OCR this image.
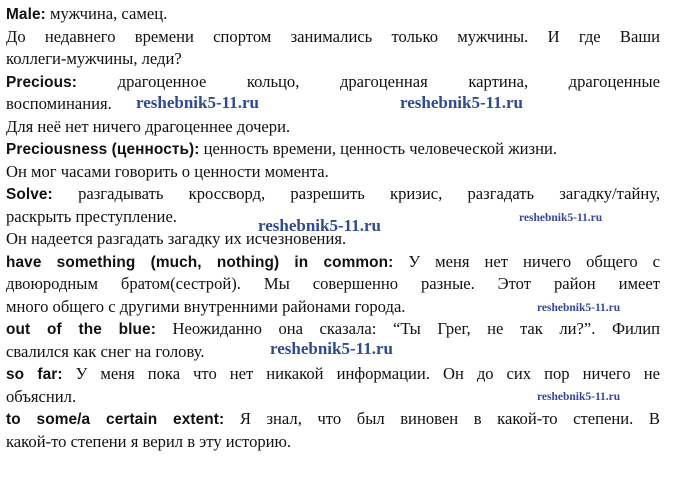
Male: мужчина, самец.
До недавнего времени спортом занимались только мужчины. И где Ваши
коллеги-мужчины, леди?
Precious: драгоценное кольцо, драгоценная картина, драгоценные
воспоминания.
Для неё нет ничего драгоценнее дочери.
Preciousness (ценность): ценность времени, ценность человеческой жизни.
Он мог часами говорить о ценности момента.
Solve: разгадывать кроссворд, разрешить кризис, разгадать загадку/тайну,
раскрыть преступление.
Он надеется разгадать загадку их исчезновения.
have something (much, nothing) in common: У меня нет ничего общего с
двоюродным братом(сестрой). Мы совершенно разные. Этот район имеет
много общего с другими внутренними районами города.
out of the blue: Неожиданно она сказала: “Ты Грег, не так ли?”. Филип
свалился как снег на голову.
so far: У меня пока что нет никакой информации. Он до сих пор ничего не
объяснил.
to some/a certain extent: Я знал, что был виновен в какой-то степени. В
какой-то степени я верил в эту историю.
reshebnik5-11.ru	reshebnik5-11.ru
reshebnik5-11.ru	reshebnik5-11.ru
reshebnik5-11.ru
reshebnik5-11.ru
reshebnik5-11.ru
